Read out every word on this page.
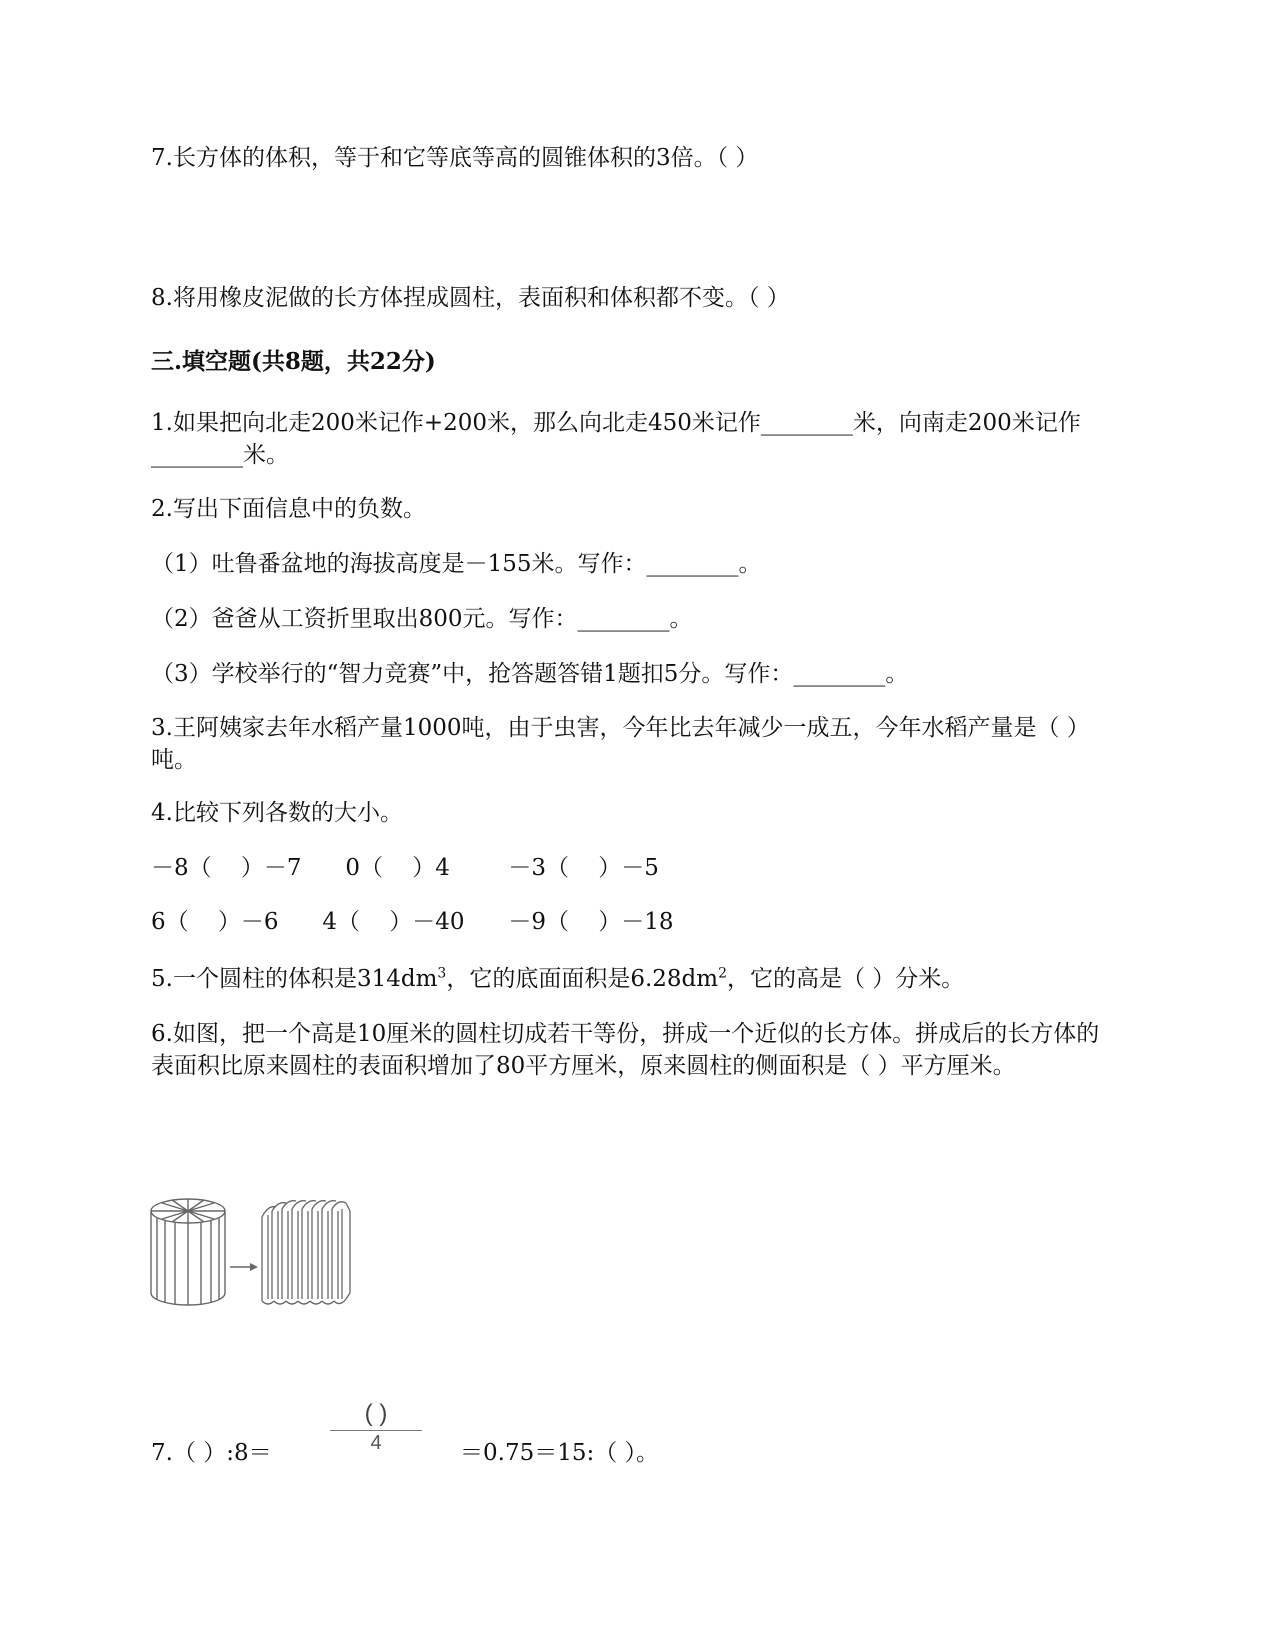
7.长方体的体积，等于和它等底等高的圆锥体积的3倍。（ ）
8.将用橡皮泥做的长方体捏成圆柱，表面积和体积都不变。（ ）
三.填空题(共8题，共22分)
1.如果把向北走200米记作+200米，那么向北走450米记作________米，向南走200米记作________米。
2.写出下面信息中的负数。
（1）吐鲁番盆地的海拔高度是－155米。写作：________。
（2）爸爸从工资折里取出800元。写作：________。
（3）学校举行的“智力竞赛”中，抢答题答错1题扣5分。写作：________。
3.王阿姨家去年水稻产量1000吨，由于虫害，今年比去年减少一成五，今年水稻产量是（ ）吨。
4.比较下列各数的大小。
－8（    ）－7      0（    ）4        －3（    ）－5
6（    ）－6      4（    ）－40      －9（    ）－18
5.一个圆柱的体积是$314dm^3$，它的底面面积是$6.28dm^2$，它的高是（ ）分米。
6.如图，把一个高是10厘米的圆柱切成若干等份，拼成一个近似的长方体。拼成后的长方体的表面积比原来圆柱的表面积增加了80平方厘米，原来圆柱的侧面积是（ ）平方厘米。
7.（ ）:8＝
( )
4	＝0.75＝15:（ ）。
